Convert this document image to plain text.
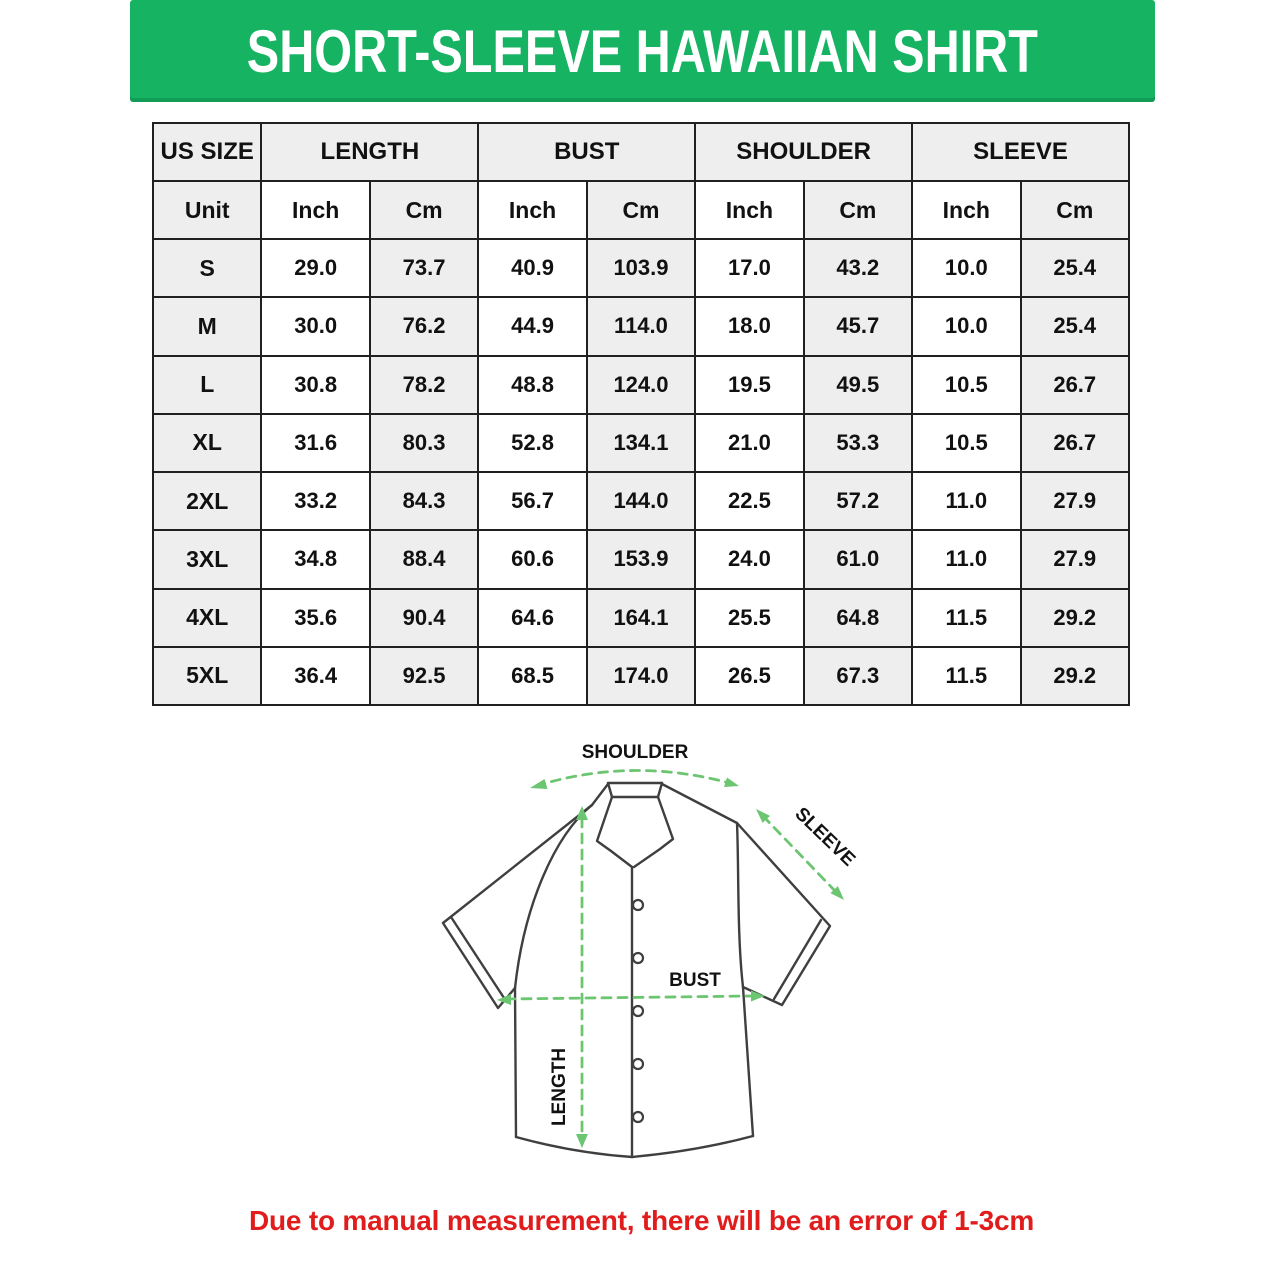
SHORT-SLEEVE HAWAIIAN SHIRT
US SIZE	LENGTH		BUST		SHOULDER		SLEEVE	
Unit	Inch	Cm	Inch	Cm	Inch	Cm	Inch	Cm
S	29.0	73.7	40.9	103.9	17.0	43.2	10.0	25.4
M	30.0	76.2	44.9	114.0	18.0	45.7	10.0	25.4
L	30.8	78.2	48.8	124.0	19.5	49.5	10.5	26.7
XL	31.6	80.3	52.8	134.1	21.0	53.3	10.5	26.7
2XL	33.2	84.3	56.7	144.0	22.5	57.2	11.0	27.9
3XL	34.8	88.4	60.6	153.9	24.0	61.0	11.0	27.9
4XL	35.6	90.4	64.6	164.1	25.5	64.8	11.5	29.2
5XL	36.4	92.5	68.5	174.0	26.5	67.3	11.5	29.2
SHOULDER
SLEEVE
BUST
LENGTH
Due to manual measurement, there will be an error of 1-3cm
